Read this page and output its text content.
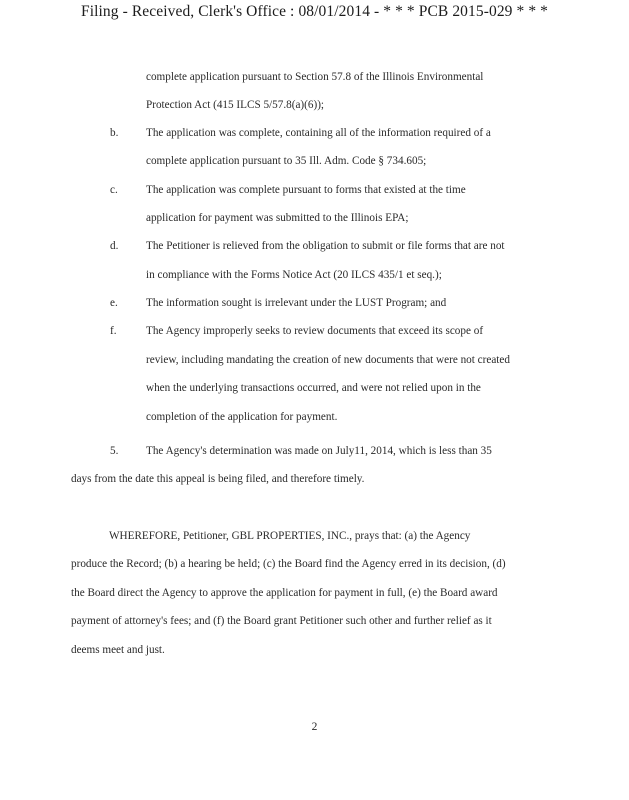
Filing - Received, Clerk's Office : 08/01/2014 - * * * PCB 2015-029 * * *
complete application pursuant to Section 57.8 of the Illinois Environmental
Protection Act (415 ILCS 5/57.8(a)(6));
b. The application was complete, containing all of the information required of a
complete application pursuant to 35 Ill. Adm. Code § 734.605;
c.	The application was complete pursuant to forms that existed at the time
application for payment was submitted to the Illinois EPA;
d. The Petitioner is relieved from the obligation to submit or file forms that are not
in compliance with the Forms Notice Act (20 ILCS 435/1 et seq.);
e.	The information sought is irrelevant under the LUST Program; and
f.	The Agency improperly seeks to review documents that exceed its scope of
review, including mandating the creation of new documents that were not created
when the underlying transactions occurred, and were not relied upon in the
completion of the application for payment.
5. The Agency's determination was made on July11, 2014, which is less than 35
days from the date this appeal is being filed, and therefore timely.
WHEREFORE, Petitioner, GBL PROPERTIES, INC., prays that: (a) the Agency
produce the Record; (b) a hearing be held; (c) the Board find the Agency erred in its decision, (d)
the Board direct the Agency to approve the application for payment in full, (e) the Board award
payment of attorney's fees; and (f) the Board grant Petitioner such other and further relief as it
deems meet and just.
2
